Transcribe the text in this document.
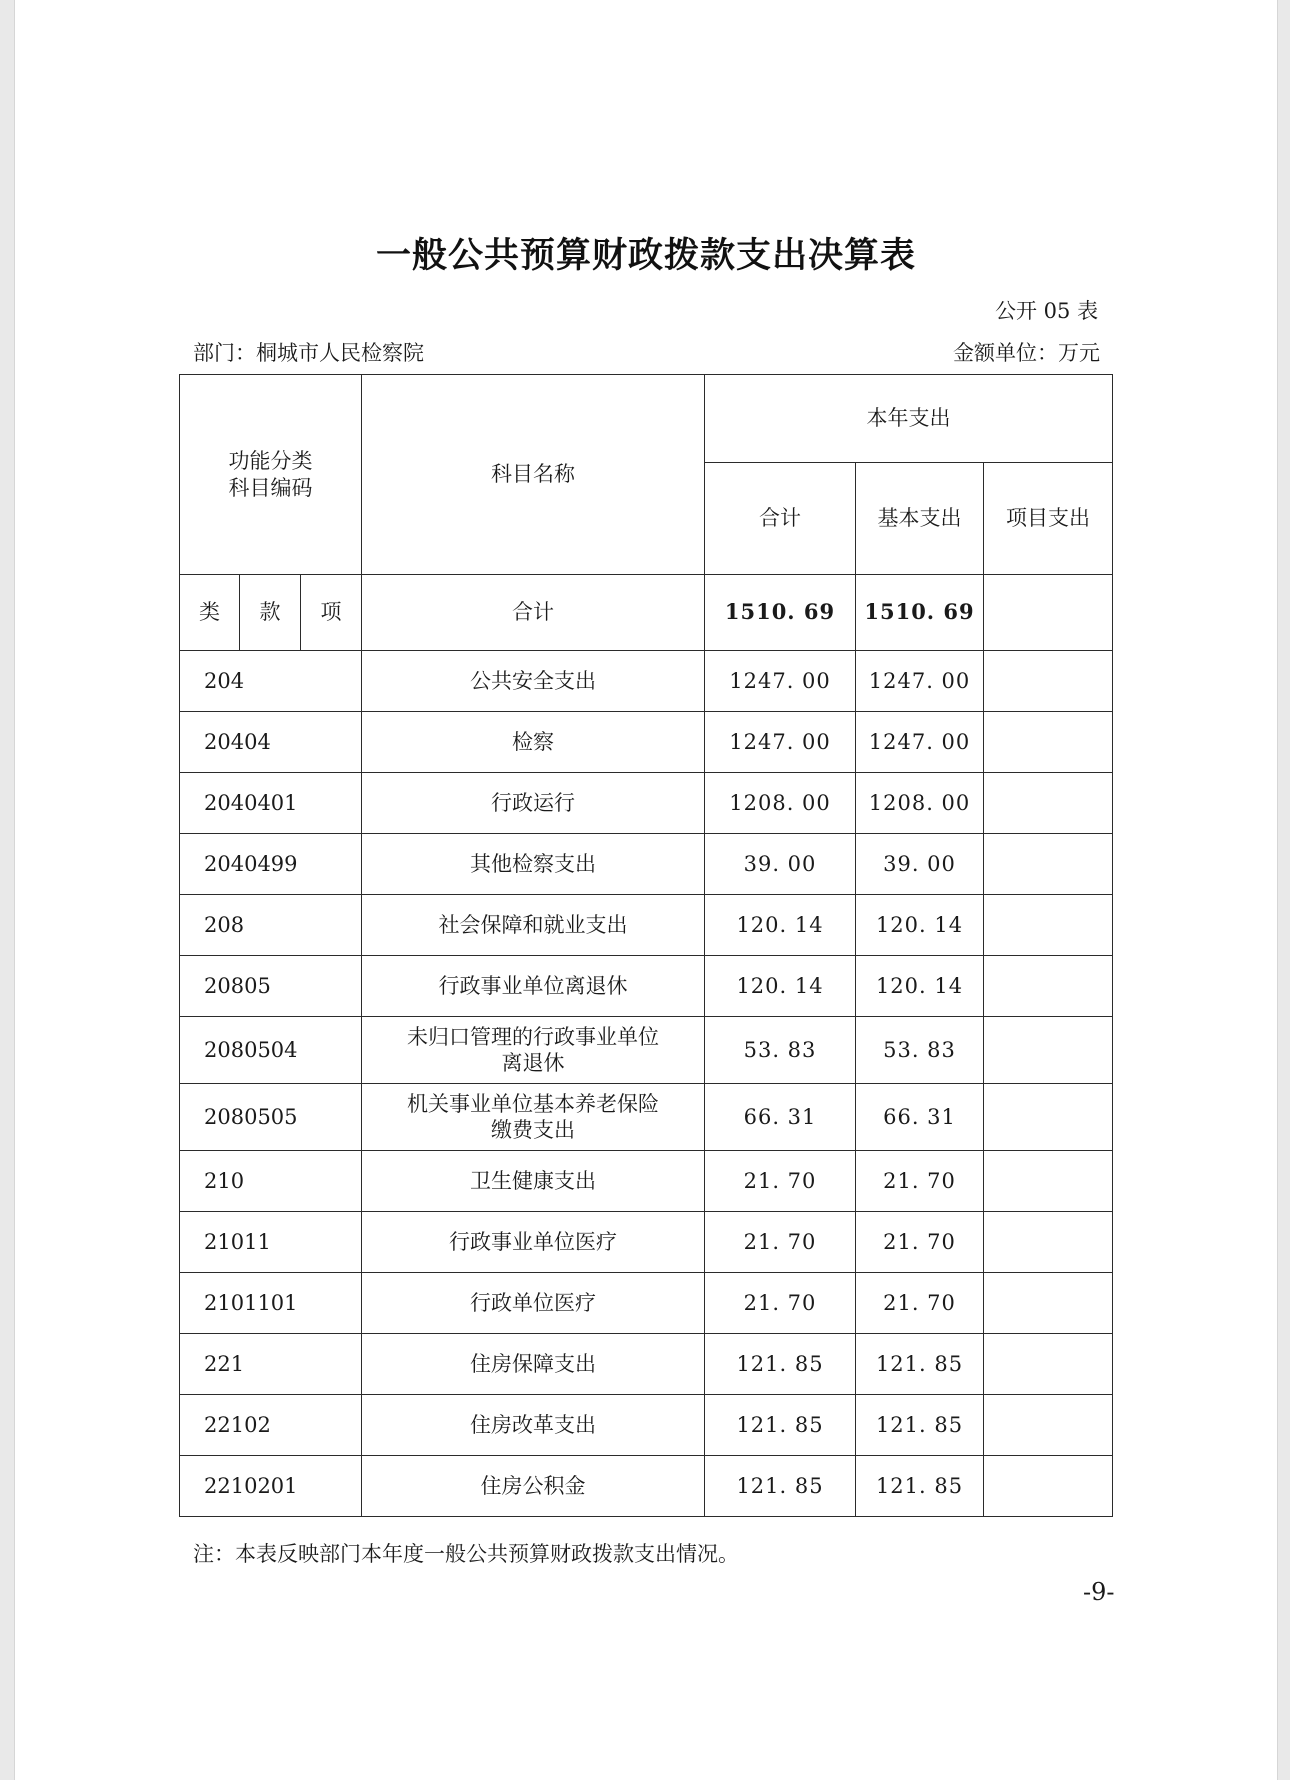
一般公共预算财政拨款支出决算表
公开 05 表
部门：桐城市人民检察院	金额单位：万元
功能分类
科目编码			科目名称	本年支出		
				合计	基本支出	项目支出
类	款	项	合计	1510. 69	1510. 69	
204			公共安全支出	1247. 00	1247. 00	
20404			检察	1247. 00	1247. 00	
2040401			行政运行	1208. 00	1208. 00	
2040499			其他检察支出	39. 00	39. 00	
208			社会保障和就业支出	120. 14	120. 14	
20805			行政事业单位离退休	120. 14	120. 14	
2080504			未归口管理的行政事业单位
离退休	53. 83	53. 83	
2080505			机关事业单位基本养老保险
缴费支出	66. 31	66. 31	
210			卫生健康支出	21. 70	21. 70	
21011			行政事业单位医疗	21. 70	21. 70	
2101101			行政单位医疗	21. 70	21. 70	
221			住房保障支出	121. 85	121. 85	
22102			住房改革支出	121. 85	121. 85	
2210201			住房公积金	121. 85	121. 85	
注：本表反映部门本年度一般公共预算财政拨款支出情况。
-9-
